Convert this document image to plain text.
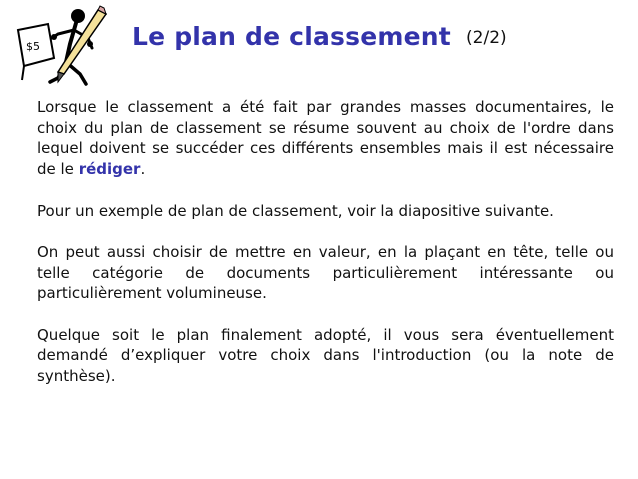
$5	Le plan de classement (2/2)

Lorsque le classement a été fait par grandes masses documentaires, le choix du plan de classement se résume souvent au choix de l'ordre dans lequel doivent se succéder ces différents ensembles mais il est nécessaire de le rédiger.

Pour un exemple de plan de classement, voir la diapositive suivante.

On peut aussi choisir de mettre en valeur, en la plaçant en tête, telle ou telle catégorie de documents particulièrement intéressante ou particulièrement volumineuse.

Quelque soit le plan finalement adopté, il vous sera éventuellement demandé d’expliquer votre choix dans l'introduction (ou la note de synthèse).
